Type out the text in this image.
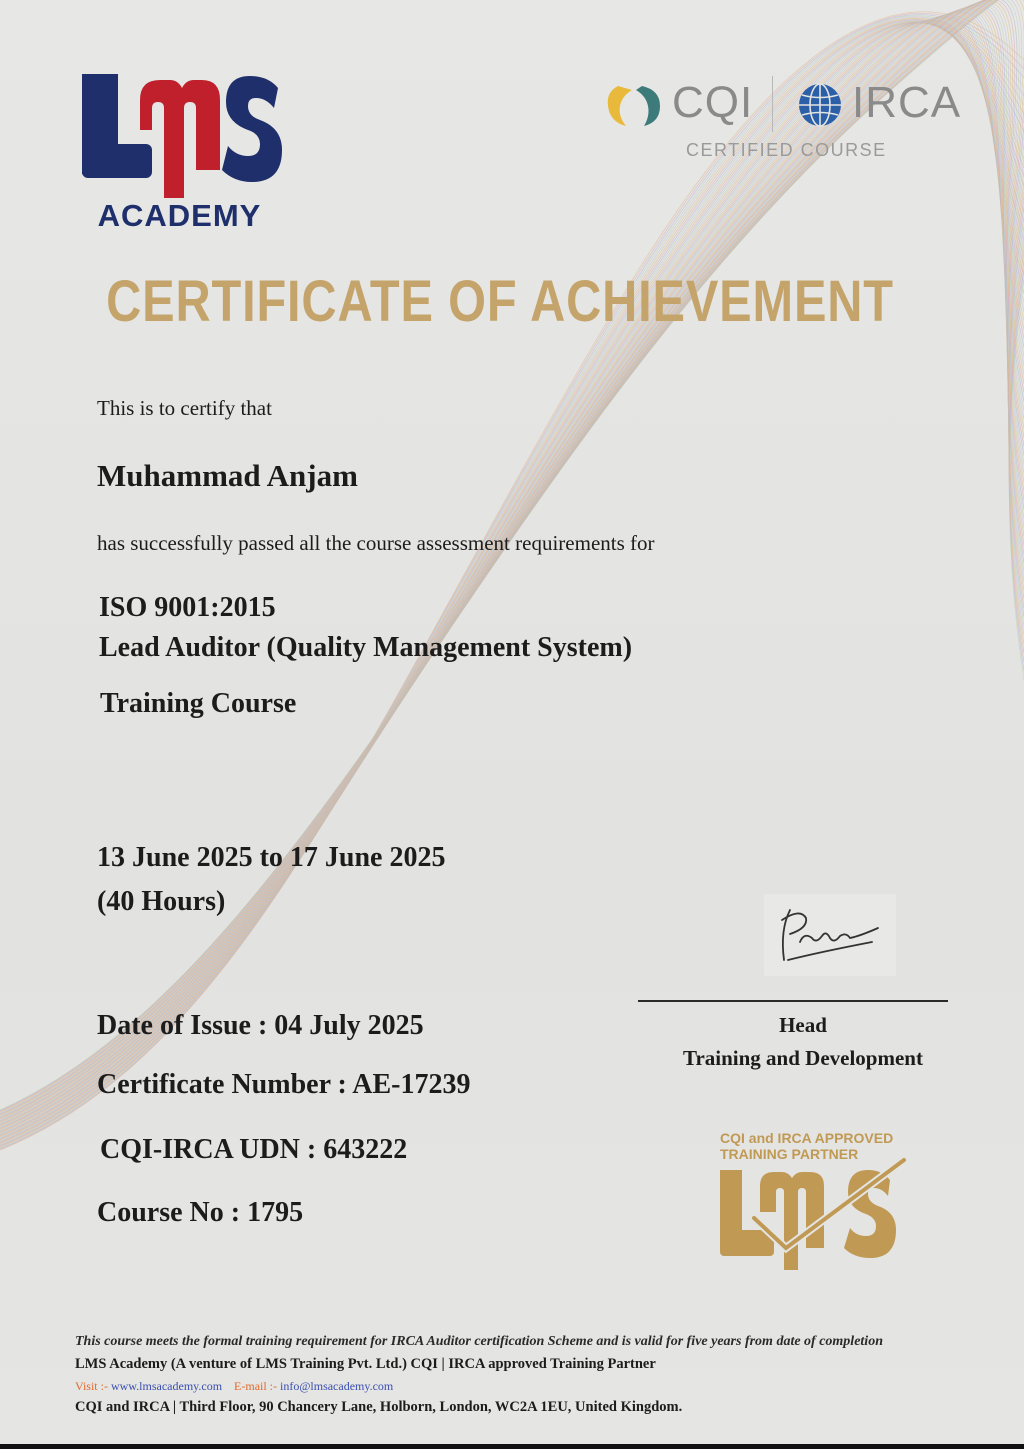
ACADEMY
CQI IRCA
CERTIFIED COURSE
CERTIFICATE OF ACHIEVEMENT
This is to certify that
Muhammad Anjam
has successfully passed all the course assessment requirements for
ISO 9001:2015
Lead Auditor (Quality Management System)
Training Course
13 June 2025 to 17 June 2025
(40 Hours)
Date of Issue : 04 July 2025
Certificate Number : AE-17239
CQI-IRCA UDN : 643222
Course No : 1795
Head
Training and Development
CQI and IRCA APPROVED
TRAINING PARTNER
This course meets the formal training requirement for IRCA Auditor certification Scheme and is valid for five years from date of completion
LMS Academy (A venture of LMS Training Pvt. Ltd.) CQI | IRCA approved Training Partner
Visit :- www.lmsacademy.com E-mail :- info@lmsacademy.com
CQI and IRCA | Third Floor, 90 Chancery Lane, Holborn, London, WC2A 1EU, United Kingdom.
